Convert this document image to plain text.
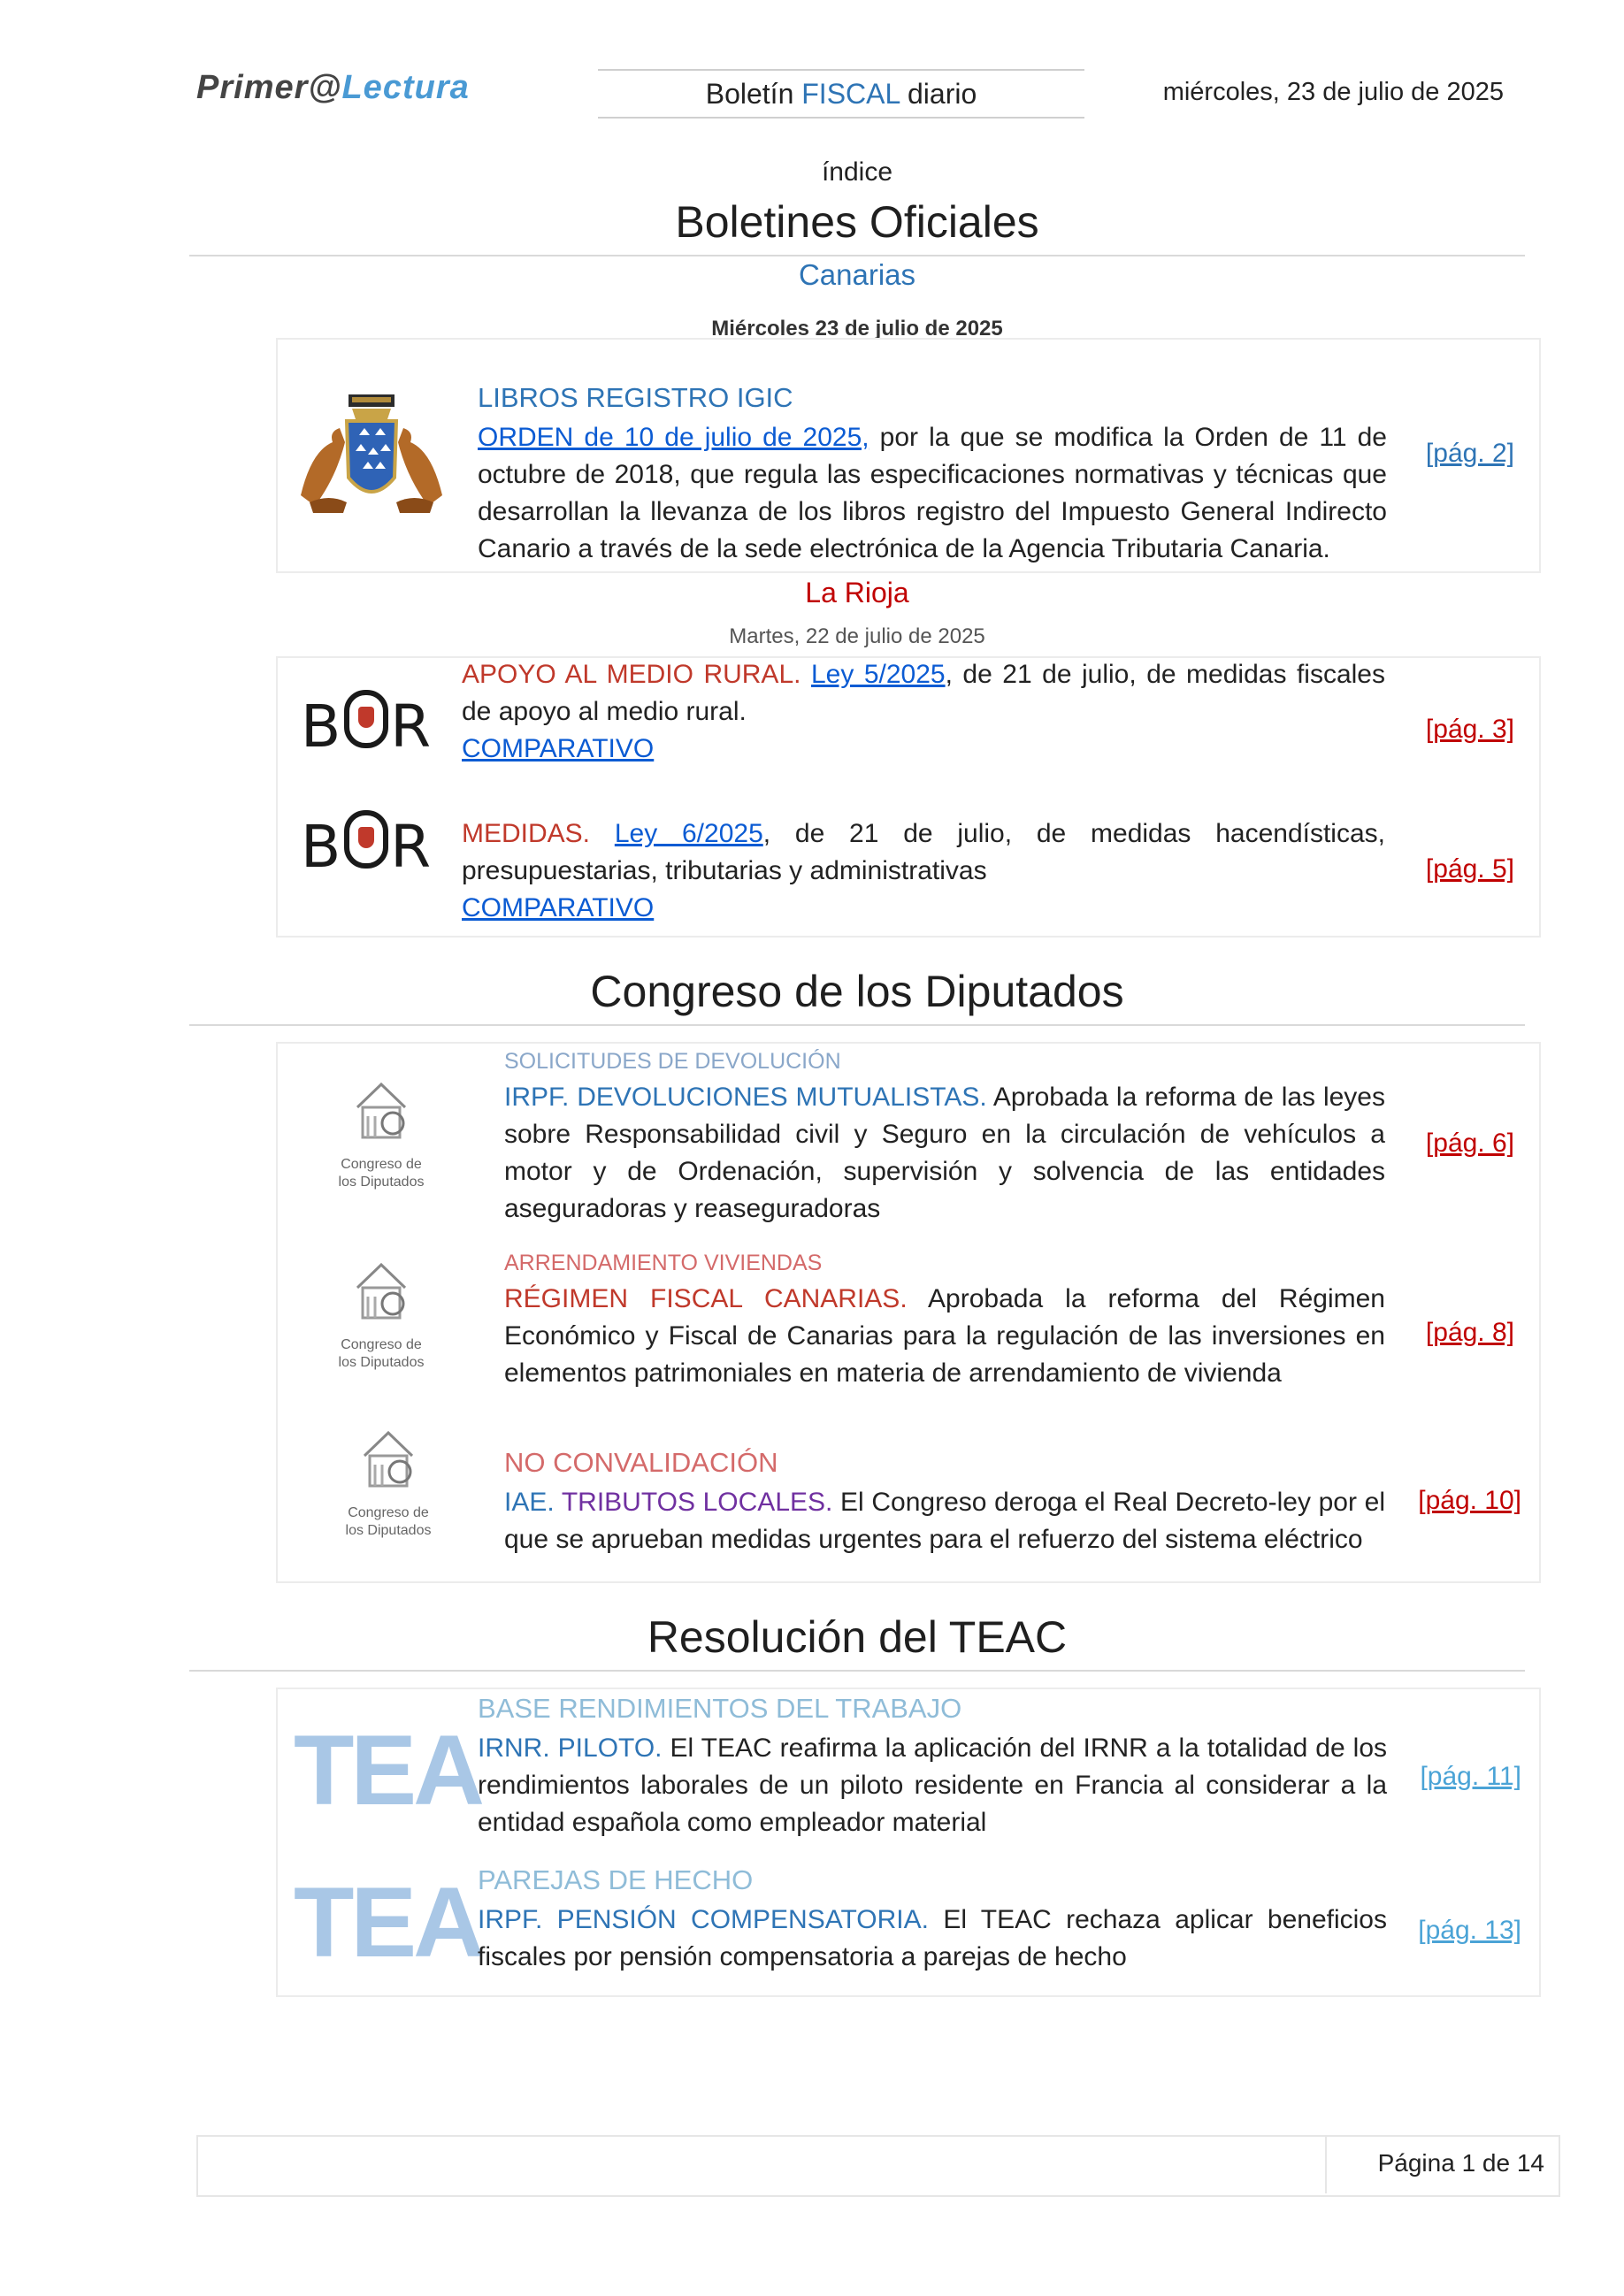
Primer@Lectura	Boletín FISCAL diario	miércoles, 23 de julio de 2025
índice
Boletines Oficiales
Canarias
Miércoles 23 de julio de 2025
LIBROS REGISTRO IGIC
ORDEN de 10 de julio de 2025, por la que se modifica la Orden de 11 de octubre de 2018, que regula las especificaciones normativas y técnicas que desarrollan la llevanza de los libros registro del Impuesto General Indirecto Canario a través de la sede electrónica de la Agencia Tributaria Canaria.
[pág. 2]
La Rioja
Martes, 22 de julio de 2025
B R
APOYO AL MEDIO RURAL. Ley 5/2025, de 21 de julio, de medidas fiscales de apoyo al medio rural.
COMPARATIVO
[pág. 3]
B R MEDIDAS. Ley 6/2025, de 21 de julio, de medidas hacendísticas, presupuestarias, tributarias y administrativas
COMPARATIVO
[pág. 5]
Congreso de los Diputados
Congreso de
los Diputados
Congreso de
los Diputados
Congreso de
los Diputados
SOLICITUDES DE DEVOLUCIÓN
IRPF. DEVOLUCIONES MUTUALISTAS. Aprobada la reforma de las leyes sobre Responsabilidad civil y Seguro en la circulación de vehículos a motor y de Ordenación, supervisión y solvencia de las entidades aseguradoras y reaseguradoras
[pág. 6]
ARRENDAMIENTO VIVIENDAS
RÉGIMEN FISCAL CANARIAS. Aprobada la reforma del Régimen Económico y Fiscal de Canarias para la regulación de las inversiones en elementos patrimoniales en materia de arrendamiento de vivienda
[pág. 8]
NO CONVALIDACIÓN
IAE. TRIBUTOS LOCALES. El Congreso deroga el Real Decreto-ley por el que se aprueban medidas urgentes para el refuerzo del sistema eléctrico
[pág. 10]
Resolución del TEAC
TEA
TEA
BASE RENDIMIENTOS DEL TRABAJO
IRNR. PILOTO. El TEAC reafirma la aplicación del IRNR a la totalidad de los rendimientos laborales de un piloto residente en Francia al considerar a la entidad española como empleador material
[pág. 11]
PAREJAS DE HECHO
IRPF. PENSIÓN COMPENSATORIA. El TEAC rechaza aplicar beneficios fiscales por pensión compensatoria a parejas de hecho
[pág. 13]
Página 1 de 14
